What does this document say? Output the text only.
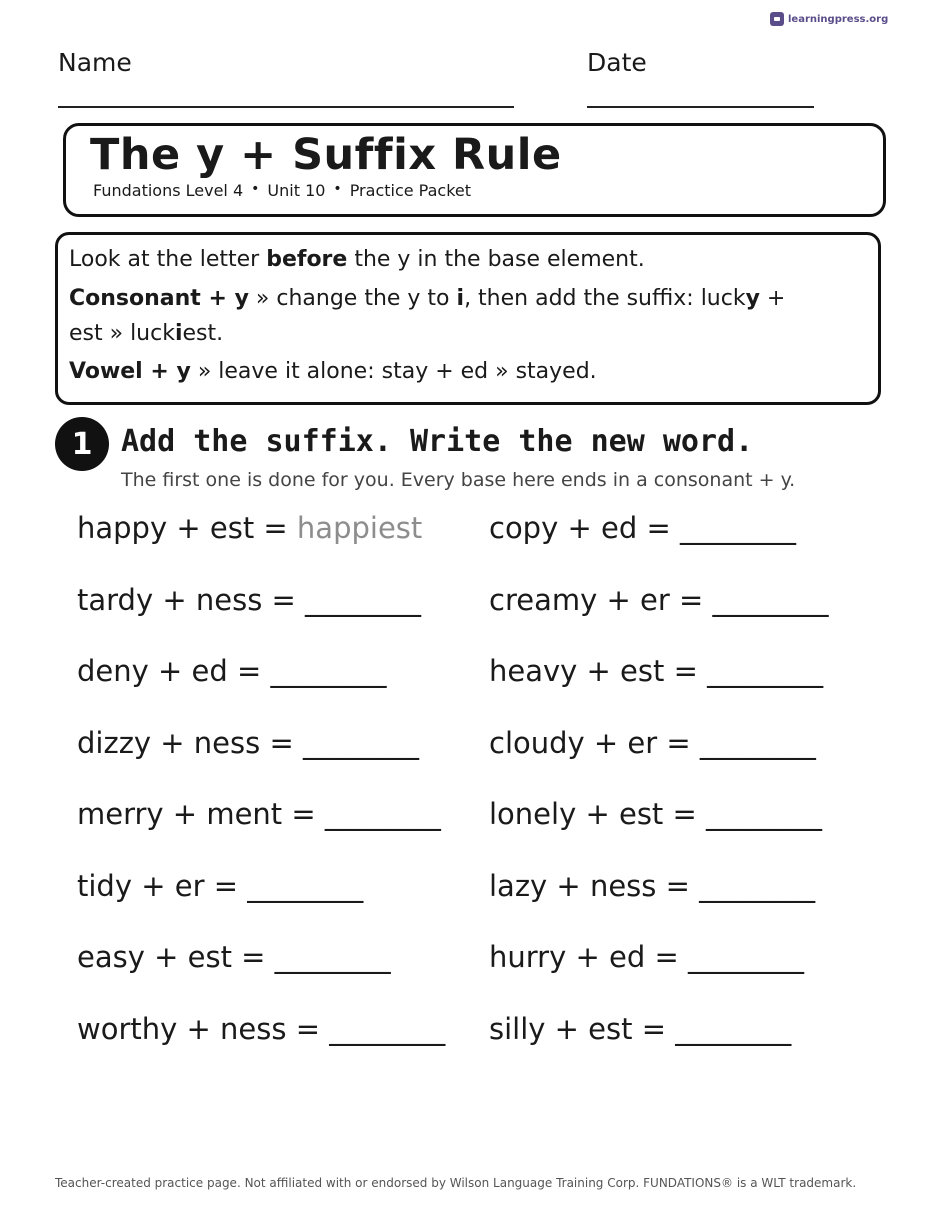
learningpress.org
Name	Date
The y + Suffix Rule
Fundations Level 4 • Unit 10 • Practice Packet
Look at the letter before the y in the base element.
Consonant + y » change the y to i, then add the suffix: lucky +
est » luckiest.
Vowel + y » leave it alone: stay + ed » stayed.
1 Add the suffix. Write the new word.
The first one is done for you. Every base here ends in a consonant + y.
happy + est = happiest copy + ed = ________
tardy + ness = ________ creamy + er = ________
deny + ed = ________	heavy + est = ________
dizzy + ness = ________ cloudy + er = ________
merry + ment = ________ lonely + est = ________
tidy + er = ________	lazy + ness = ________
easy + est = ________	hurry + ed = ________
worthy + ness = ________ silly + est = ________
Teacher-created practice page. Not affiliated with or endorsed by Wilson Language Training Corp. FUNDATIONS® is a WLT trademark.
